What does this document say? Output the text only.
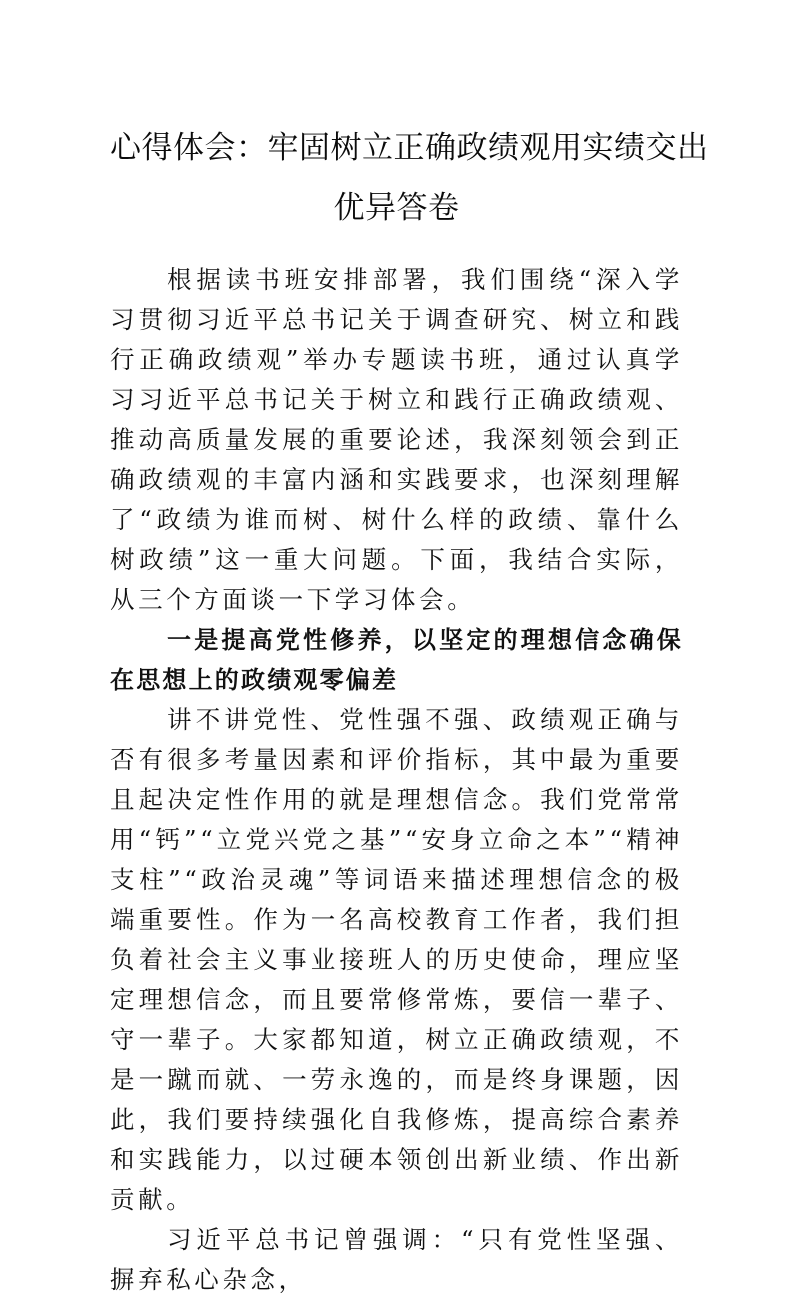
心得体会：牢固树立正确政绩观用实绩交出
优异答卷

根据读书班安排部署，我们围绕“深入学习贯彻习近平总书记关于调查研究、树立和践行正确政绩观”举办专题读书班，通过认真学习习近平总书记关于树立和践行正确政绩观、推动高质量发展的重要论述，我深刻领会到正确政绩观的丰富内涵和实践要求，也深刻理解了“政绩为谁而树、树什么样的政绩、靠什么树政绩”这一重大问题。下面，我结合实际，从三个方面谈一下学习体会。

一是提高党性修养，以坚定的理想信念确保在思想上的政绩观零偏差

讲不讲党性、党性强不强、政绩观正确与否有很多考量因素和评价指标，其中最为重要且起决定性作用的就是理想信念。我们党常常用“钙”“立党兴党之基”“安身立命之本”“精神支柱”“政治灵魂”等词语来描述理想信念的极端重要性。作为一名高校教育工作者，我们担负着社会主义事业接班人的历史使命，理应坚定理想信念，而且要常修常炼，要信一辈子、守一辈子。大家都知道，树立正确政绩观，不是一蹴而就、一劳永逸的，而是终身课题，因此，我们要持续强化自我修炼，提高综合素养和实践能力，以过硬本领创出新业绩、作出新贡献。

习近平总书记曾强调：“只有党性坚强、摒弃私心杂念，
